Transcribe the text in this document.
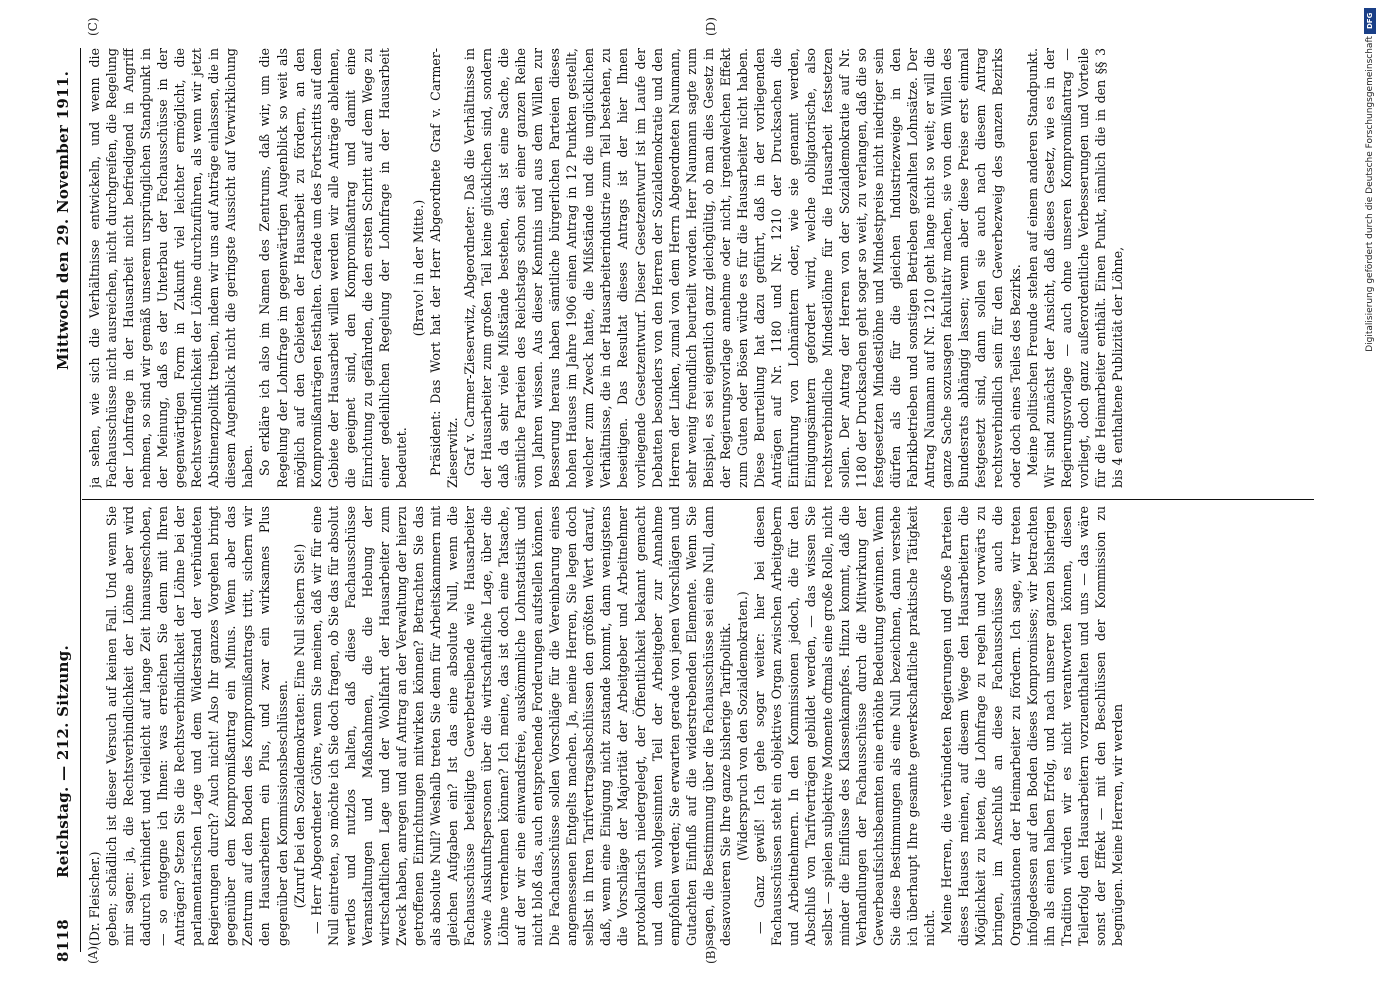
8118
Reichstag. — 212. Sitzung.
Mittwoch den 29. November 1911.
(A)	(B)
(C)	(D)

(Dr. Fleischer.) geben; schädlich ist dieser Versuch auf keinen Fall. Und wenn Sie mir sagen: ja, die Rechtsverbindlichkeit der Löhne aber wird dadurch verhindert und vielleicht auf lange Zeit hinausgeschoben, — so entgegne ich Ihnen: was erreichen Sie denn mit Ihren Anträgen? Setzen Sie die Rechtsverbindlichkeit der Löhne bei der parlamentarischen Lage und dem Widerstand der verbündeten Regierungen durch? Auch nicht! Also Ihr ganzes Vorgehen bringt gegenüber dem Kompromißantrag ein Minus. Wenn aber das Zentrum auf den Boden des Kompromißantrags tritt, sichern wir den Hausarbeitern ein Plus, und zwar ein wirksames Plus gegenüber den Kommissionsbeschlüssen. (Zuruf bei den Sozialdemokraten: Eine Null sichern Sie!) — Herr Abgeordneter Göhre, wenn Sie meinen, daß wir für eine Null eintreten, so möchte ich Sie doch fragen, ob Sie das für absolut wertlos und nutzlos halten, daß diese Fachausschüsse Veranstaltungen und Maßnahmen, die die Hebung der wirtschaftlichen Lage und der Wohlfahrt der Hausarbeiter zum Zweck haben, anregen und auf Antrag an der Verwaltung der hierzu getroffenen Einrichtungen mitwirken können? Betrachten Sie das als absolute Null? Weshalb treten Sie denn für Arbeitskammern mit gleichen Aufgaben ein? Ist das eine absolute Null, wenn die Fachausschüsse beteiligte Gewerbetreibende wie Hausarbeiter sowie Auskunftspersonen über die wirtschaftliche Lage, über die Löhne vernehmen können? Ich meine, das ist doch eine Tatsache, auf der wir eine einwandsfreie, auskömmliche Lohnstatistik und nicht bloß das, auch entsprechende Forderungen aufstellen können. Die Fachausschüsse sollen Vorschläge für die Vereinbarung eines angemessenen Entgelts machen. Ja, meine Herren, Sie legen doch selbst in Ihren Tarifvertragsabschlüssen den größten Wert darauf, daß, wenn eine Einigung nicht zustande kommt, dann wenigstens die Vorschläge der Majorität der Arbeitgeber und Arbeitnehmer protokollarisch niedergelegt, der Öffentlichkeit bekannt gemacht und dem wohlgesinnten Teil der Arbeitgeber zur Annahme empfohlen werden; Sie erwarten gerade von jenen Vorschlägen und Gutachten Einfluß auf die widerstrebenden Elemente. Wenn Sie sagen, die Bestimmung über die Fachausschüsse sei eine Null, dann desavouieren Sie Ihre ganze bisherige Tarifpolitik. (Widerspruch von den Sozialdemokraten.) — Ganz gewiß! Ich gehe sogar weiter: hier bei diesen Fachausschüssen steht ein objektives Organ zwischen Arbeitgebern und Arbeitnehmern. In den Kommissionen jedoch, die für den Abschluß von Tarifverträgen gebildet werden, — das wissen Sie selbst — spielen subjektive Momente oftmals eine große Rolle, nicht minder die Einflüsse des Klassenkampfes. Hinzu kommt, daß die Verhandlungen der Fachausschüsse durch die Mitwirkung der Gewerbeaufsichtsbeamten eine erhöhte Bedeutung gewinnen. Wenn Sie diese Bestimmungen als eine Null bezeichnen, dann verstehe ich überhaupt Ihre gesamte gewerkschaftliche praktische Tätigkeit nicht. Meine Herren, die verbündeten Regierungen und große Parteien dieses Hauses meinen, auf diesem Wege den Hausarbeitern die Möglichkeit zu bieten, die Lohnfrage zu regeln und vorwärts zu bringen, im Anschluß an diese Fachausschüsse auch die Organisationen der Heimarbeiter zu fördern. Ich sage, wir treten infolgedessen auf den Boden dieses Kompromisses; wir betrachten ihn als einen halben Erfolg, und nach unserer ganzen bisherigen Tradition würden wir es nicht verantworten können, diesen Teilerfolg den Hausarbeitern vorzuenthalten und uns — das wäre sonst der Effekt — mit den Beschlüssen der Kommission zu begnügen. Meine Herren, wir werden

ja sehen, wie sich die Verhältnisse entwickeln, und wenn die Fachausschüsse nicht ausreichen, nicht durchgreifen, die Regelung der Lohnfrage in der Hausarbeit nicht befriedigend in Angriff nehmen, so sind wir gemäß unserem ursprünglichen Standpunkt in der Meinung, daß es der Unterbau der Fachausschüsse in der gegenwärtigen Form in Zukunft viel leichter ermöglicht, die Rechtsverbindlichkeit der Löhne durchzuführen, als wenn wir jetzt Abstinenzpolitik treiben, indem wir uns auf Anträge einlassen, die in diesem Augenblick nicht die geringste Aussicht auf Verwirklichung haben. So erkläre ich also im Namen des Zentrums, daß wir, um die Regelung der Lohnfrage im gegenwärtigen Augenblick so weit als möglich auf den Gebieten der Hausarbeit zu fördern, an den Kompromißanträgen festhalten. Gerade um des Fortschritts auf dem Gebiete der Hausarbeit willen werden wir alle Anträge ablehnen, die geeignet sind, den Kompromißantrag und damit eine Einrichtung zu gefährden, die den ersten Schritt auf dem Wege zu einer gedeihlichen Regelung der Lohnfrage in der Hausarbeit bedeutet.

(Bravo! in der Mitte.) Präsident: Das Wort hat der Herr Abgeordnete Graf v. Carmer-Zieserwitz. Graf v. Carmer-Zieserwitz, Abgeordneter: Daß die Verhältnisse in der Hausarbeiter zum großen Teil keine glücklichen sind, sondern daß da sehr viele Mißstände bestehen, das ist eine Sache, die sämtliche Parteien des Reichstags schon seit einer ganzen Reihe von Jahren wissen. Aus dieser Kenntnis und aus dem Willen zur Besserung heraus haben sämtliche bürgerlichen Parteien dieses hohen Hauses im Jahre 1906 einen Antrag in 12 Punkten gestellt, welcher zum Zweck hatte, die Mißstände und die unglücklichen Verhältnisse, die in der Hausarbeiterindustrie zum Teil bestehen, zu beseitigen. Das Resultat dieses Antrags ist der hier Ihnen vorliegende Gesetzentwurf. Dieser Gesetzentwurf ist im Laufe der Debatten besonders von den Herren der Sozialdemokratie und den Herren der Linken, zumal von dem Herrn Abgeordneten Naumann, sehr wenig freundlich beurteilt worden. Herr Naumann sagte zum Beispiel, es sei eigentlich ganz gleichgültig, ob man dies Gesetz in der Regierungsvorlage annehme oder nicht, irgendwelchen Effekt zum Guten oder Bösen würde es für die Hausarbeiter nicht haben. Diese Beurteilung hat dazu geführt, daß in der vorliegenden Anträgen auf Nr. 1180 und Nr. 1210 der Drucksachen die Einführung von Lohnämtern oder, wie sie genannt werden, Einigungsämtern gefordert wird, welche obligatorische, also rechtsverbindliche Mindestlöhne für die Hausarbeit festsetzen sollen. Der Antrag der Herren von der Sozialdemokratie auf Nr. 1180 der Drucksachen geht sogar so weit, zu verlangen, daß die so festgesetzten Mindestlöhne und Mindestpreise nicht niedriger sein dürfen als die für die gleichen Industriezweige in den Fabrikbetrieben und sonstigen Betrieben gezahlten Lohnsätze. Der Antrag Naumann auf Nr. 1210 geht lange nicht so weit; er will die ganze Sache sozusagen fakultativ machen, sie von dem Willen des Bundesrats abhängig lassen; wenn aber diese Preise erst einmal festgesetzt sind, dann sollen sie auch nach diesem Antrag rechtsverbindlich sein für den Gewerbezweig des ganzen Bezirks oder doch eines Teiles des Bezirks. Meine politischen Freunde stehen auf einem anderen Standpunkt. Wir sind zunächst der Ansicht, daß dieses Gesetz, wie es in der Regierungsvorlage — auch ohne unseren Kompromißantrag — vorliegt, doch ganz außerordentliche Verbesserungen und Vorteile für die Heimarbeiter enthält. Einen Punkt, nämlich die in den §§ 3 bis 4 enthaltene Publizität der Löhne,

DFG
Digitalisierung gefördert durch die Deutsche Forschungsgemeinschaft
